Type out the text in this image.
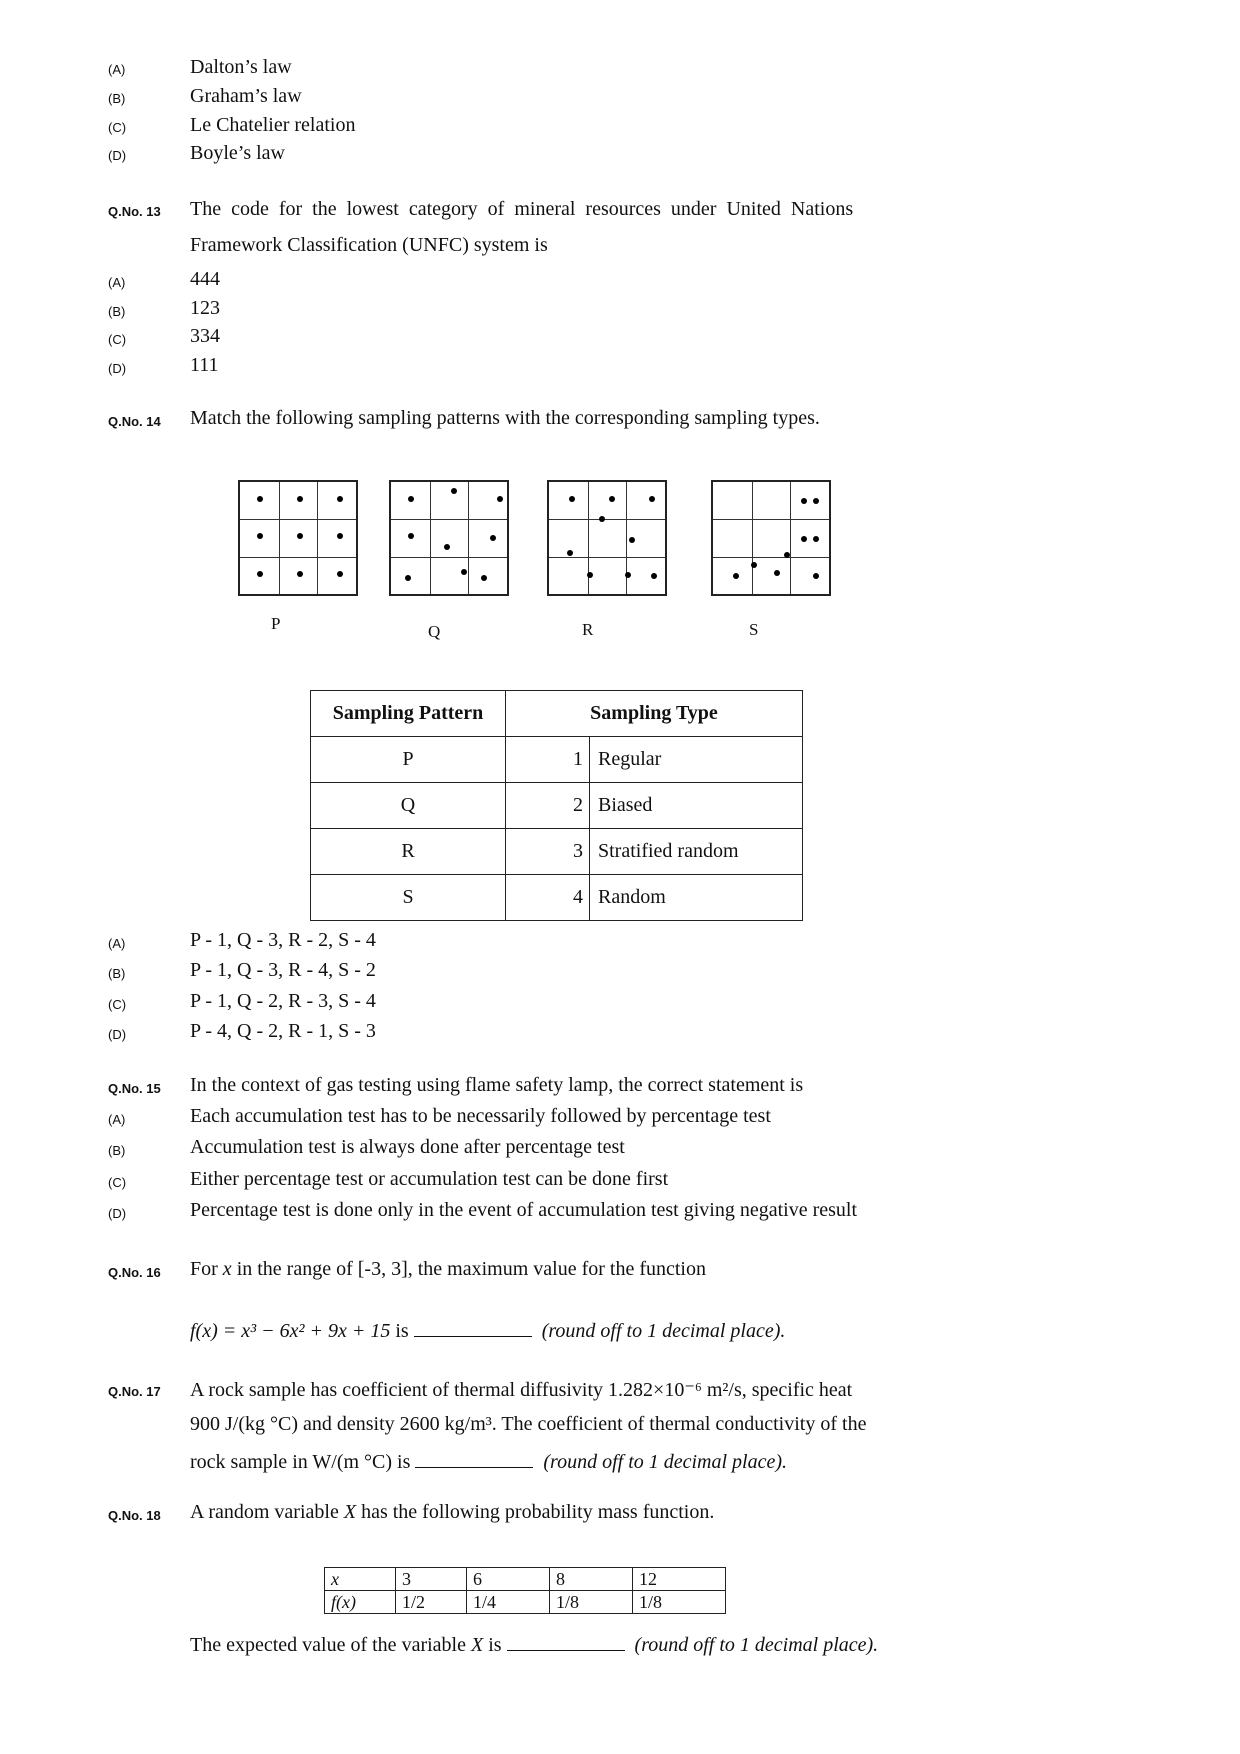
(A)	Dalton’s law
(B)	Graham’s law
(C)	Le Chatelier relation
(D)	Boyle’s law
Q.No. 13 The code for the lowest category of mineral resources under United Nations
Framework Classification (UNFC) system is
(A)	444
(B)	123
(C)	334
(D)	111
Q.No. 14 Match the following sampling patterns with the corresponding sampling types.
P	Q	R	S
Sampling Pattern	Sampling Type	
P	1	Regular
Q	2	Biased
R	3	Stratified random
S	4	Random
(A)	P - 1, Q - 3, R - 2, S - 4
(B)	P - 1, Q - 3, R - 4, S - 2
(C)	P - 1, Q - 2, R - 3, S - 4
(D)	P - 4, Q - 2, R - 1, S - 3
Q.No. 15 In the context of gas testing using flame safety lamp, the correct statement is
(A)	Each accumulation test has to be necessarily followed by percentage test
(B)	Accumulation test is always done after percentage test
(C)	Either percentage test or accumulation test can be done first
(D)	Percentage test is done only in the event of accumulation test giving negative result
Q.No. 16 For x in the range of [-3, 3], the maximum value for the function
f(x) = x³ − 6x² + 9x + 15 is	(round off to 1 decimal place).
Q.No. 17 A rock sample has coefficient of thermal diffusivity 1.282×10⁻⁶ m²/s, specific heat
900 J/(kg °C) and density 2600 kg/m³. The coefficient of thermal conductivity of the
rock sample in W/(m °C) is	(round off to 1 decimal place).
Q.No. 18 A random variable X has the following probability mass function.
x	3	6	8	12
f(x)	1/2	1/4	1/8	1/8
The expected value of the variable X is	(round off to 1 decimal place).
